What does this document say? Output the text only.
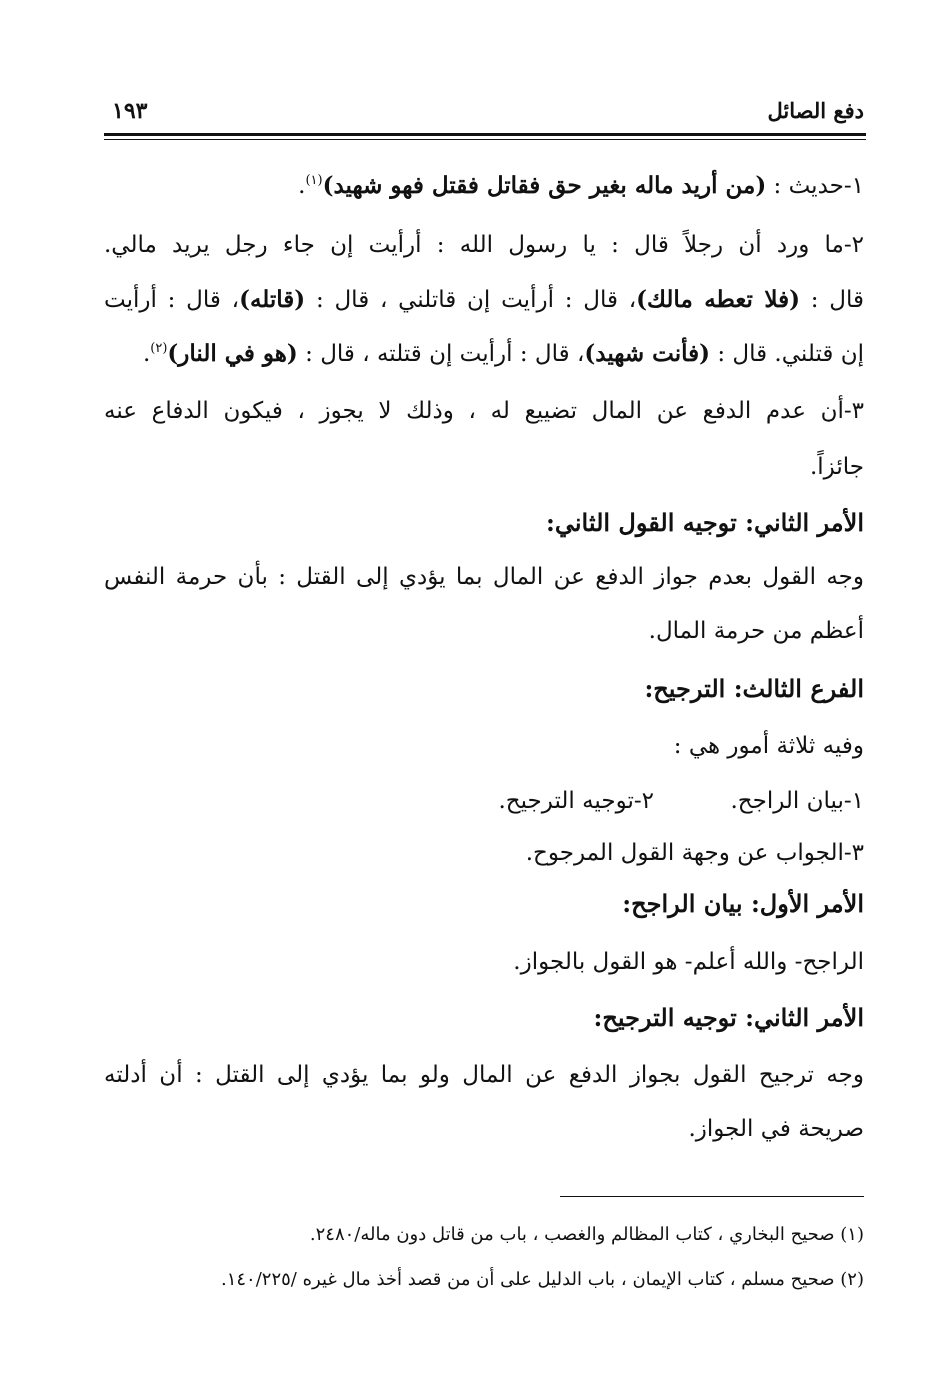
دفع الصائل
١٩٣
١-حديث : (من أريد ماله بغير حق فقاتل فقتل فهو شهيد)$^{(١)}$.
٢-ما ورد أن رجلاً قال : يا رسول الله : أرأيت إن جاء رجل يريد مالي.
قال : (فلا تعطه مالك)، قال : أرأيت إن قاتلني ، قال : (قاتله)، قال : أرأيت
إن قتلني. قال : (فأنت شهيد)، قال : أرأيت إن قتلته ، قال : (هو في النار)$^{(٢)}$.
٣-أن عدم الدفع عن المال تضييع له ، وذلك لا يجوز ، فيكون الدفاع عنه
جائزاً.
الأمر الثاني: توجيه القول الثاني:
وجه القول بعدم جواز الدفع عن المال بما يؤدي إلى القتل : بأن حرمة النفس
أعظم من حرمة المال.
الفرع الثالث: الترجيح:
وفيه ثلاثة أمور هي :
١-بيان الراجح.٢-توجيه الترجيح.
٣-الجواب عن وجهة القول المرجوح.
الأمر الأول: بيان الراجح:
الراجح- والله أعلم- هو القول بالجواز.
الأمر الثاني: توجيه الترجيح:
وجه ترجيح القول بجواز الدفع عن المال ولو بما يؤدي إلى القتل : أن أدلته
صريحة في الجواز.
(١) صحيح البخاري ، كتاب المظالم والغصب ، باب من قاتل دون ماله/٢٤٨٠.
(٢) صحيح مسلم ، كتاب الإيمان ، باب الدليل على أن من قصد أخذ مال غيره /١٤٠/٢٢٥.
